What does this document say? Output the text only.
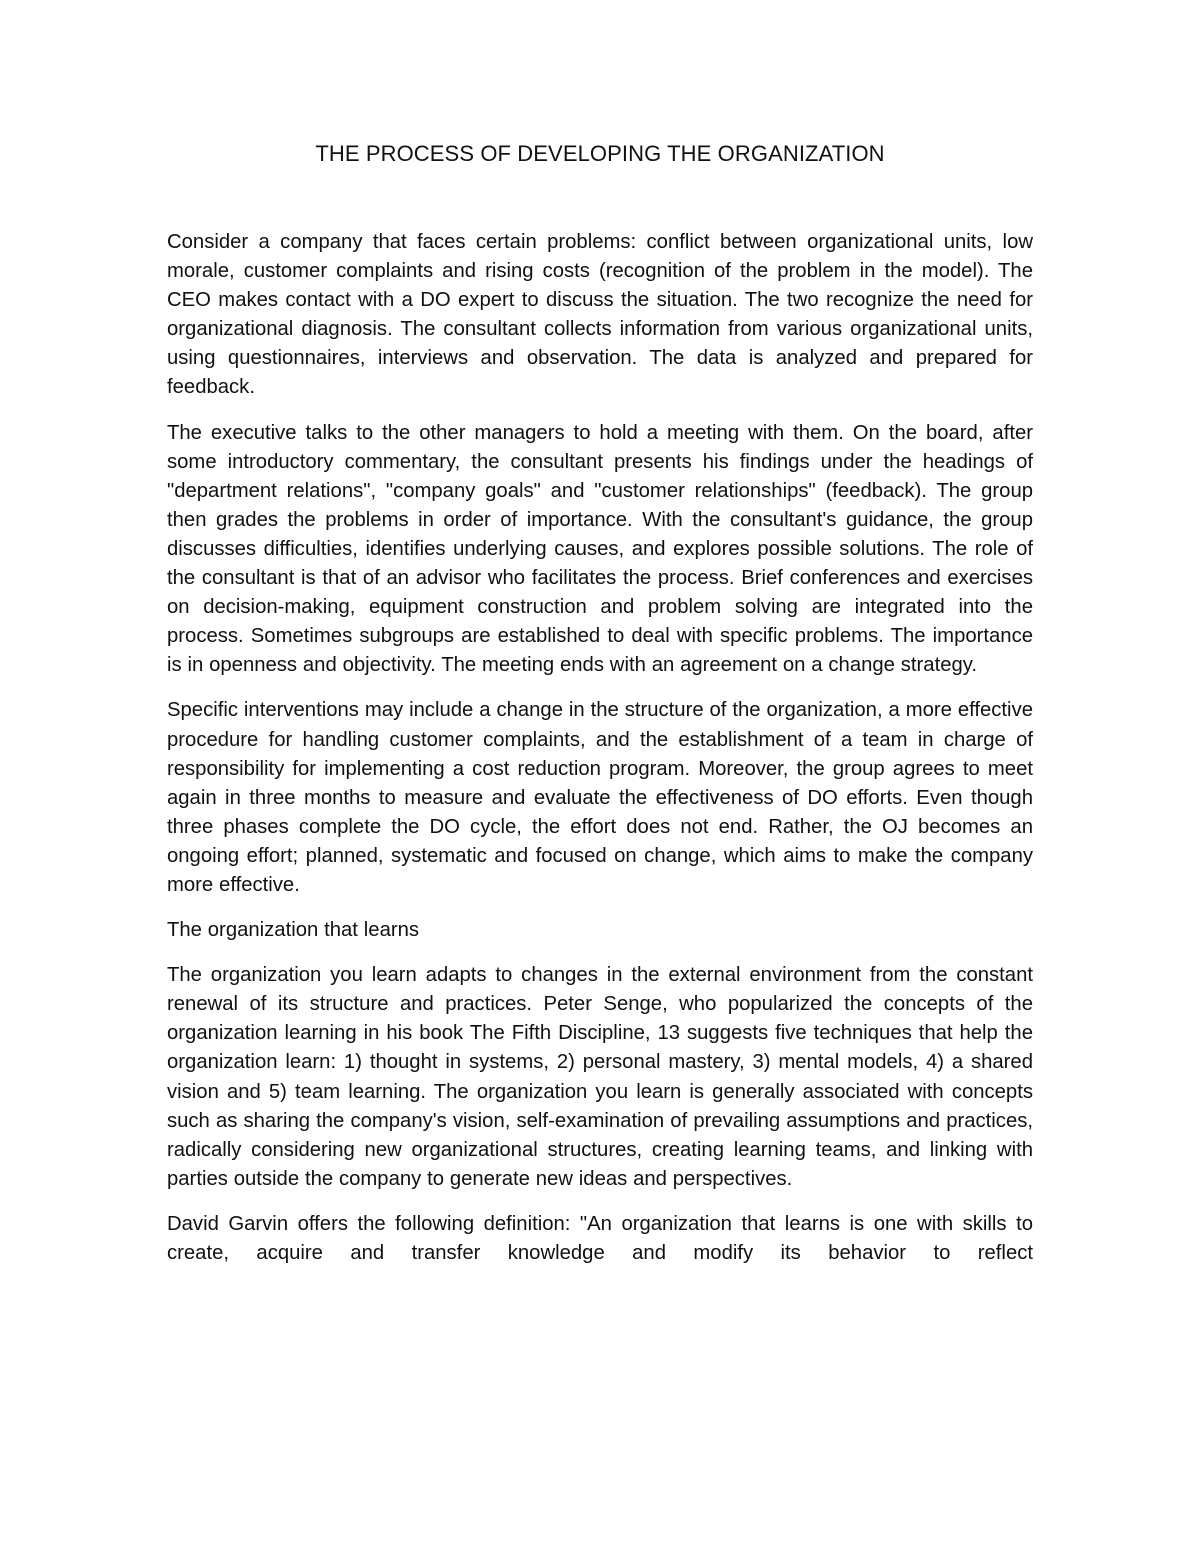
THE PROCESS OF DEVELOPING THE ORGANIZATION

Consider a company that faces certain problems: conflict between organizational units, low morale, customer complaints and rising costs (recognition of the problem in the model). The CEO makes contact with a DO expert to discuss the situation. The two recognize the need for organizational diagnosis. The consultant collects information from various organizational units, using questionnaires, interviews and observation. The data is analyzed and prepared for feedback.

The executive talks to the other managers to hold a meeting with them. On the board, after some introductory commentary, the consultant presents his findings under the headings of "department relations", "company goals" and "customer relationships" (feedback). The group then grades the problems in order of importance. With the consultant's guidance, the group discusses difficulties, identifies underlying causes, and explores possible solutions. The role of the consultant is that of an advisor who facilitates the process. Brief conferences and exercises on decision-making, equipment construction and problem solving are integrated into the process. Sometimes subgroups are established to deal with specific problems. The importance is in openness and objectivity. The meeting ends with an agreement on a change strategy.

Specific interventions may include a change in the structure of the organization, a more effective procedure for handling customer complaints, and the establishment of a team in charge of responsibility for implementing a cost reduction program. Moreover, the group agrees to meet again in three months to measure and evaluate the effectiveness of DO efforts. Even though three phases complete the DO cycle, the effort does not end. Rather, the OJ becomes an ongoing effort; planned, systematic and focused on change, which aims to make the company more effective.

The organization that learns

The organization you learn adapts to changes in the external environment from the constant renewal of its structure and practices. Peter Senge, who popularized the concepts of the organization learning in his book The Fifth Discipline, 13 suggests five techniques that help the organization learn: 1) thought in systems, 2) personal mastery, 3) mental models, 4) a shared vision and 5) team learning. The organization you learn is generally associated with concepts such as sharing the company's vision, self-examination of prevailing assumptions and practices, radically considering new organizational structures, creating learning teams, and linking with parties outside the company to generate new ideas and perspectives.

David Garvin offers the following definition: "An organization that learns is one with skills to create, acquire and transfer knowledge and modify its behavior to reflect
